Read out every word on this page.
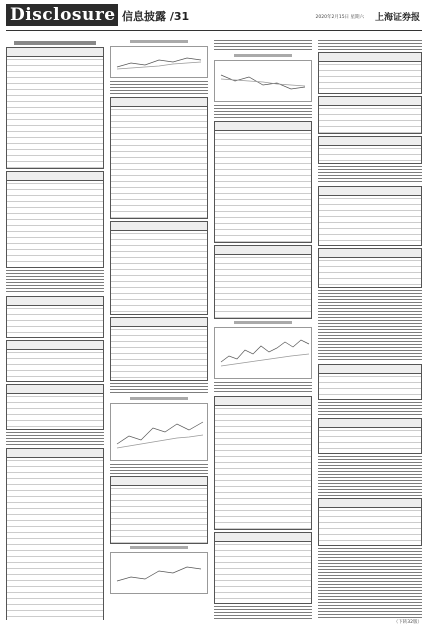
Disclosure 信息披露 /31	2020年2月15日 星期六 上海证券报
（下转32版）
